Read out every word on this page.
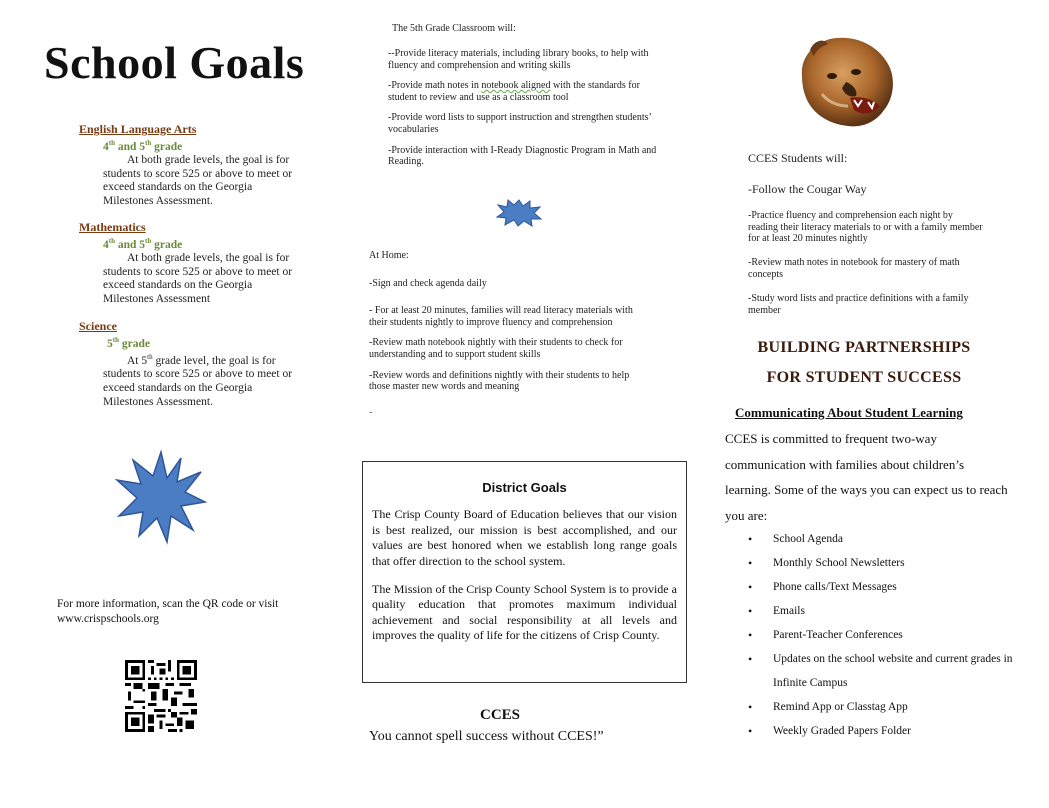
School Goals
English Language Arts
4th and 5th grade
At both grade levels, the goal is for students to score 525 or above to meet or exceed standards on the Georgia Milestones Assessment.
Mathematics
4th and 5th grade
At both grade levels, the goal is for students to score 525 or above to meet or exceed standards on the Georgia Milestones Assessment
Science
5th grade
At 5th grade level, the goal is for students to score 525 or above to meet or exceed standards on the Georgia Milestones Assessment.
For more information, scan the QR code or visit www.crispschools.org
The 5th Grade Classroom will:

--Provide literacy materials, including library books, to help with fluency and comprehension and writing skills

-Provide math notes in notebook aligned with the standards for student to review and use as a classroom tool

-Provide word lists to support instruction and strengthen students’ vocabularies

-Provide interaction with I-Ready Diagnostic Program in Math and Reading.

At Home:

-Sign and check agenda daily

- For at least 20 minutes, families will read literacy materials with their students nightly to improve fluency and comprehension

-Review math notebook nightly with their students to check for understanding and to support student skills

-Review words and definitions nightly with their students to help those master new words and meaning

-
District Goals

The Crisp County Board of Education believes that our vision is best realized, our mission is best accomplished, and our values are best honored when we establish long range goals that offer direction to the school system.

The Mission of the Crisp County School System is to provide a quality education that promotes maximum individual achievement and social responsibility at all levels and improves the quality of life for the citizens of Crisp County.

CCES
You cannot spell success without CCES!”
CCES Students will:

-Follow the Cougar Way

-Practice fluency and comprehension each night by reading their literacy materials to or with a family member for at least 20 minutes nightly

-Review math notes in notebook for mastery of math concepts

-Study word lists and practice definitions with a family member

BUILDING PARTNERSHIPS
FOR STUDENT SUCCESS
Communicating About Student Learning
CCES is committed to frequent two-way communication with families about children’s learning. Some of the ways you can expect us to reach you are:
• School Agenda
• Monthly School Newsletters
• Phone calls/Text Messages
• Emails
• Parent-Teacher Conferences
• Updates on the school website and current grades in Infinite Campus
• Remind App or Classtag App
• Weekly Graded Papers Folder
